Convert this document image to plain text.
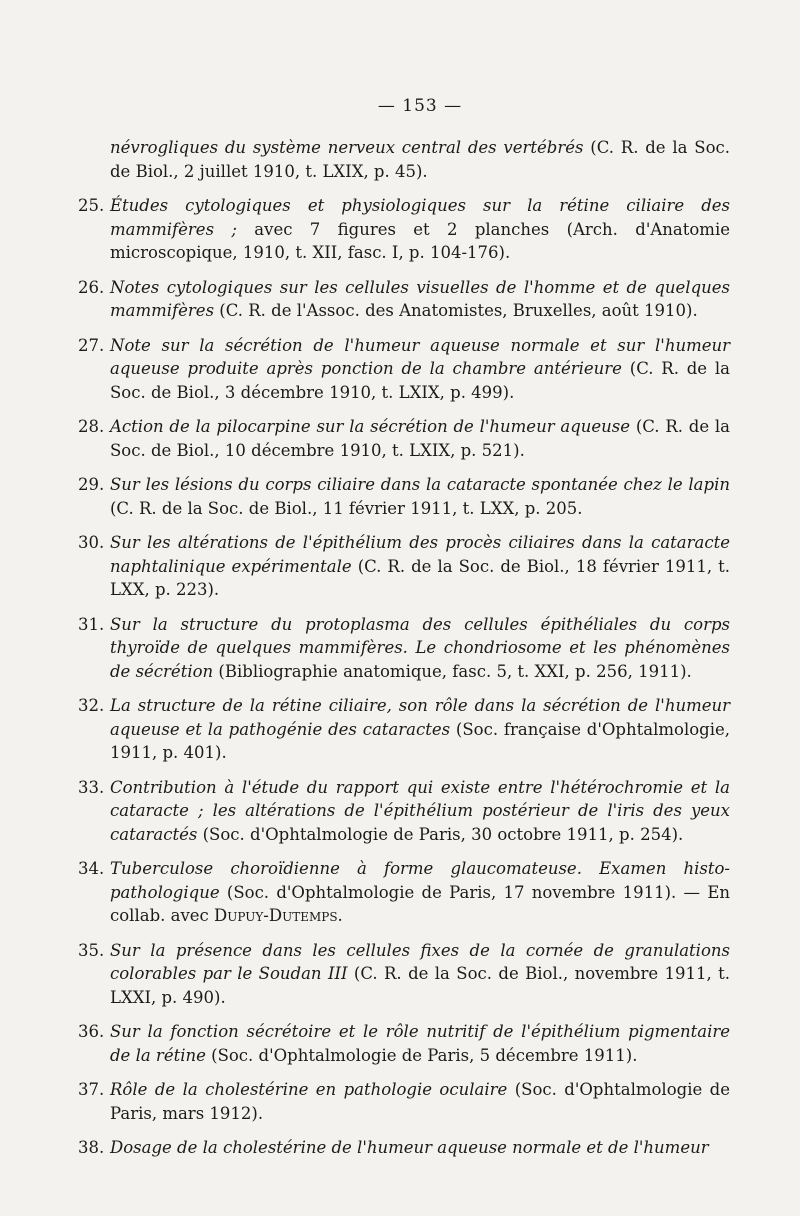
— 153 —

névrogliques du système nerveux central des vertébrés (C. R. de la Soc. de Biol., 2 juillet 1910, t. LXIX, p. 45).

25. Études cytologiques et physiologiques sur la rétine ciliaire des mammifères ; avec 7 figures et 2 planches (Arch. d'Anatomie microscopique, 1910, t. XII, fasc. I, p. 104-176).

26. Notes cytologiques sur les cellules visuelles de l'homme et de quelques mammifères (C. R. de l'Assoc. des Anatomistes, Bruxelles, août 1910).

27. Note sur la sécrétion de l'humeur aqueuse normale et sur l'humeur aqueuse produite après ponction de la chambre antérieure (C. R. de la Soc. de Biol., 3 décembre 1910, t. LXIX, p. 499).

28. Action de la pilocarpine sur la sécrétion de l'humeur aqueuse (C. R. de la Soc. de Biol., 10 décembre 1910, t. LXIX, p. 521).

29. Sur les lésions du corps ciliaire dans la cataracte spontanée chez le lapin (C. R. de la Soc. de Biol., 11 février 1911, t. LXX, p. 205.

30. Sur les altérations de l'épithélium des procès ciliaires dans la cataracte naphtalinique expérimentale (C. R. de la Soc. de Biol., 18 février 1911, t. LXX, p. 223).

31. Sur la structure du protoplasma des cellules épithéliales du corps thyroïde de quelques mammifères. Le chondriosome et les phénomènes de sécrétion (Bibliographie anatomique, fasc. 5, t. XXI, p. 256, 1911).

32. La structure de la rétine ciliaire, son rôle dans la sécrétion de l'humeur aqueuse et la pathogénie des cataractes (Soc. française d'Ophtalmologie, 1911, p. 401).

33. Contribution à l'étude du rapport qui existe entre l'hétérochromie et la cataracte ; les altérations de l'épithélium postérieur de l'iris des yeux cataractés (Soc. d'Ophtalmologie de Paris, 30 octobre 1911, p. 254).

34. Tuberculose choroïdienne à forme glaucomateuse. Examen histo-pathologique (Soc. d'Ophtalmologie de Paris, 17 novembre 1911). — En collab. avec Dupuy-Dutemps.

35. Sur la présence dans les cellules fixes de la cornée de granulations colorables par le Soudan III (C. R. de la Soc. de Biol., novembre 1911, t. LXXI, p. 490).

36. Sur la fonction sécrétoire et le rôle nutritif de l'épithélium pigmentaire de la rétine (Soc. d'Ophtalmologie de Paris, 5 décembre 1911).

37. Rôle de la cholestérine en pathologie oculaire (Soc. d'Ophtalmologie de Paris, mars 1912).

38. Dosage de la cholestérine de l'humeur aqueuse normale et de l'humeur
